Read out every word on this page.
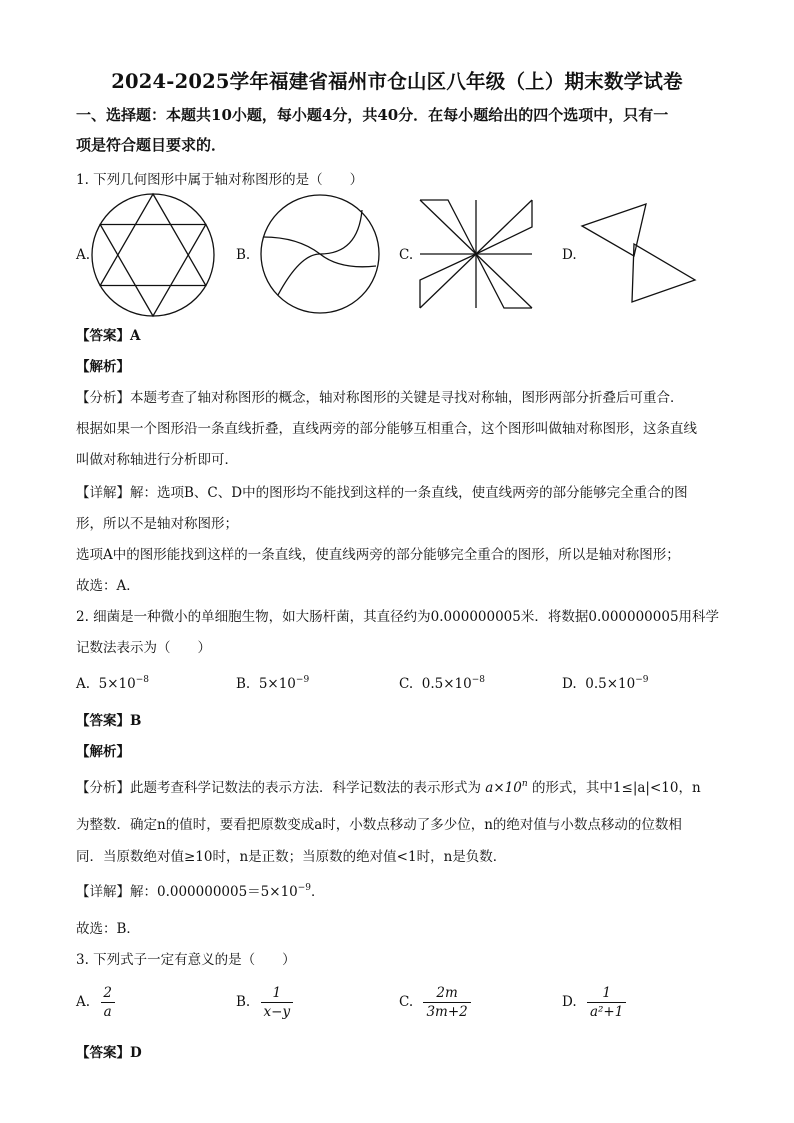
2024-2025学年福建省福州市仓山区八年级（上）期末数学试卷
一、选择题：本题共10小题，每小题4分，共40分．在每小题给出的四个选项中，只有一
项是符合题目要求的．
1. 下列几何图形中属于轴对称图形的是（　　）
A.	B.	C.	D.
【答案】A
【解析】
【分析】本题考查了轴对称图形的概念，轴对称图形的关键是寻找对称轴，图形两部分折叠后可重合．
根据如果一个图形沿一条直线折叠，直线两旁的部分能够互相重合，这个图形叫做轴对称图形，这条直线
叫做对称轴进行分析即可．
【详解】解：选项B、C、D中的图形均不能找到这样的一条直线，使直线两旁的部分能够完全重合的图
形，所以不是轴对称图形；
选项A中的图形能找到这样的一条直线，使直线两旁的部分能够完全重合的图形，所以是轴对称图形；
故选：A．
2. 细菌是一种微小的单细胞生物，如大肠杆菌，其直径约为0.000000005米．将数据0.000000005用科学
记数法表示为（　　）
A. $5\times 10^{-8}$	B. $5\times 10^{-9}$	C. $0.5\times 10^{-8}$	D. $0.5\times 10^{-9}$
【答案】B
【解析】
【分析】此题考查科学记数法的表示方法．科学记数法的表示形式为 $a\times 10^n$ 的形式，其中1≤|a|<10，n
为整数．确定n的值时，要看把原数变成a时，小数点移动了多少位，n的绝对值与小数点移动的位数相
同．当原数绝对值≥10时，n是正数；当原数的绝对值<1时，n是负数．
【详解】解：$0.000000005=5\times 10^{-9}$．
故选：B．
3. 下列式子一定有意义的是（　　）
A. $\frac{2}{a}$	B. $\frac{1}{x-y}$	C. $\frac{2m}{3m+2}$	D. $\frac{1}{\text{a²+1}}$
【答案】D
